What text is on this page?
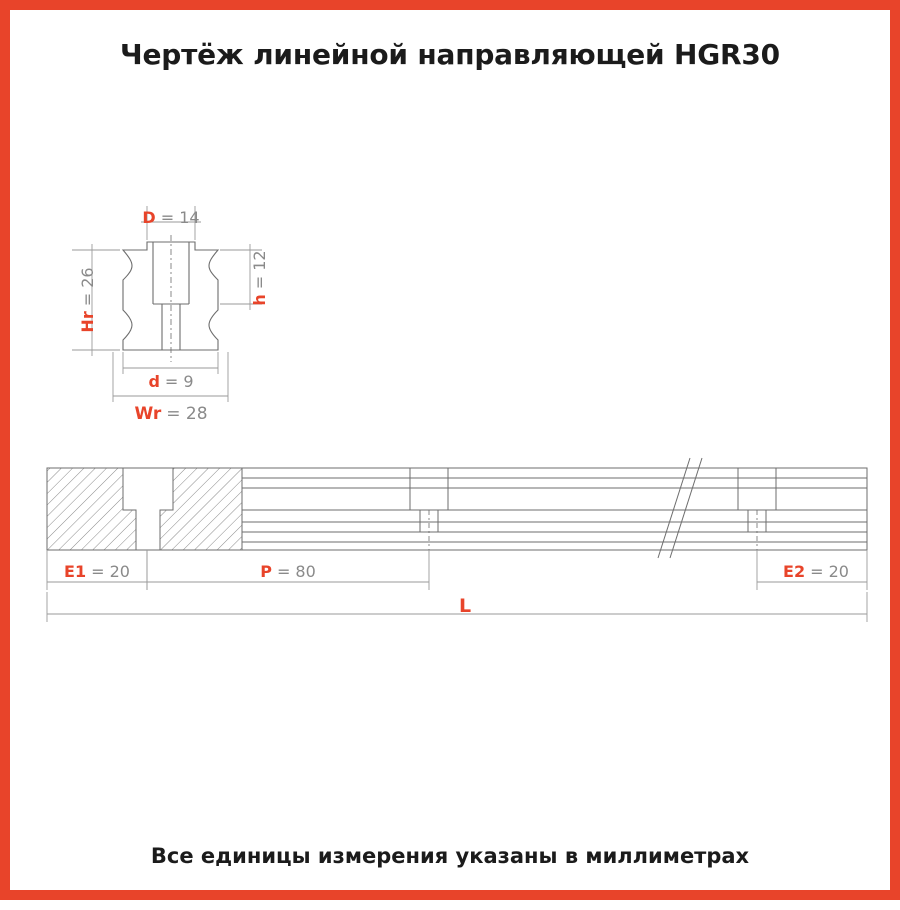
Чертёж линейной направляющей HGR30
D = 14
Hr= 26	h= 12
d = 9
Wr = 28
E1 = 20	P = 80	E2 = 20
L
Все единицы измерения указаны в миллиметрах
